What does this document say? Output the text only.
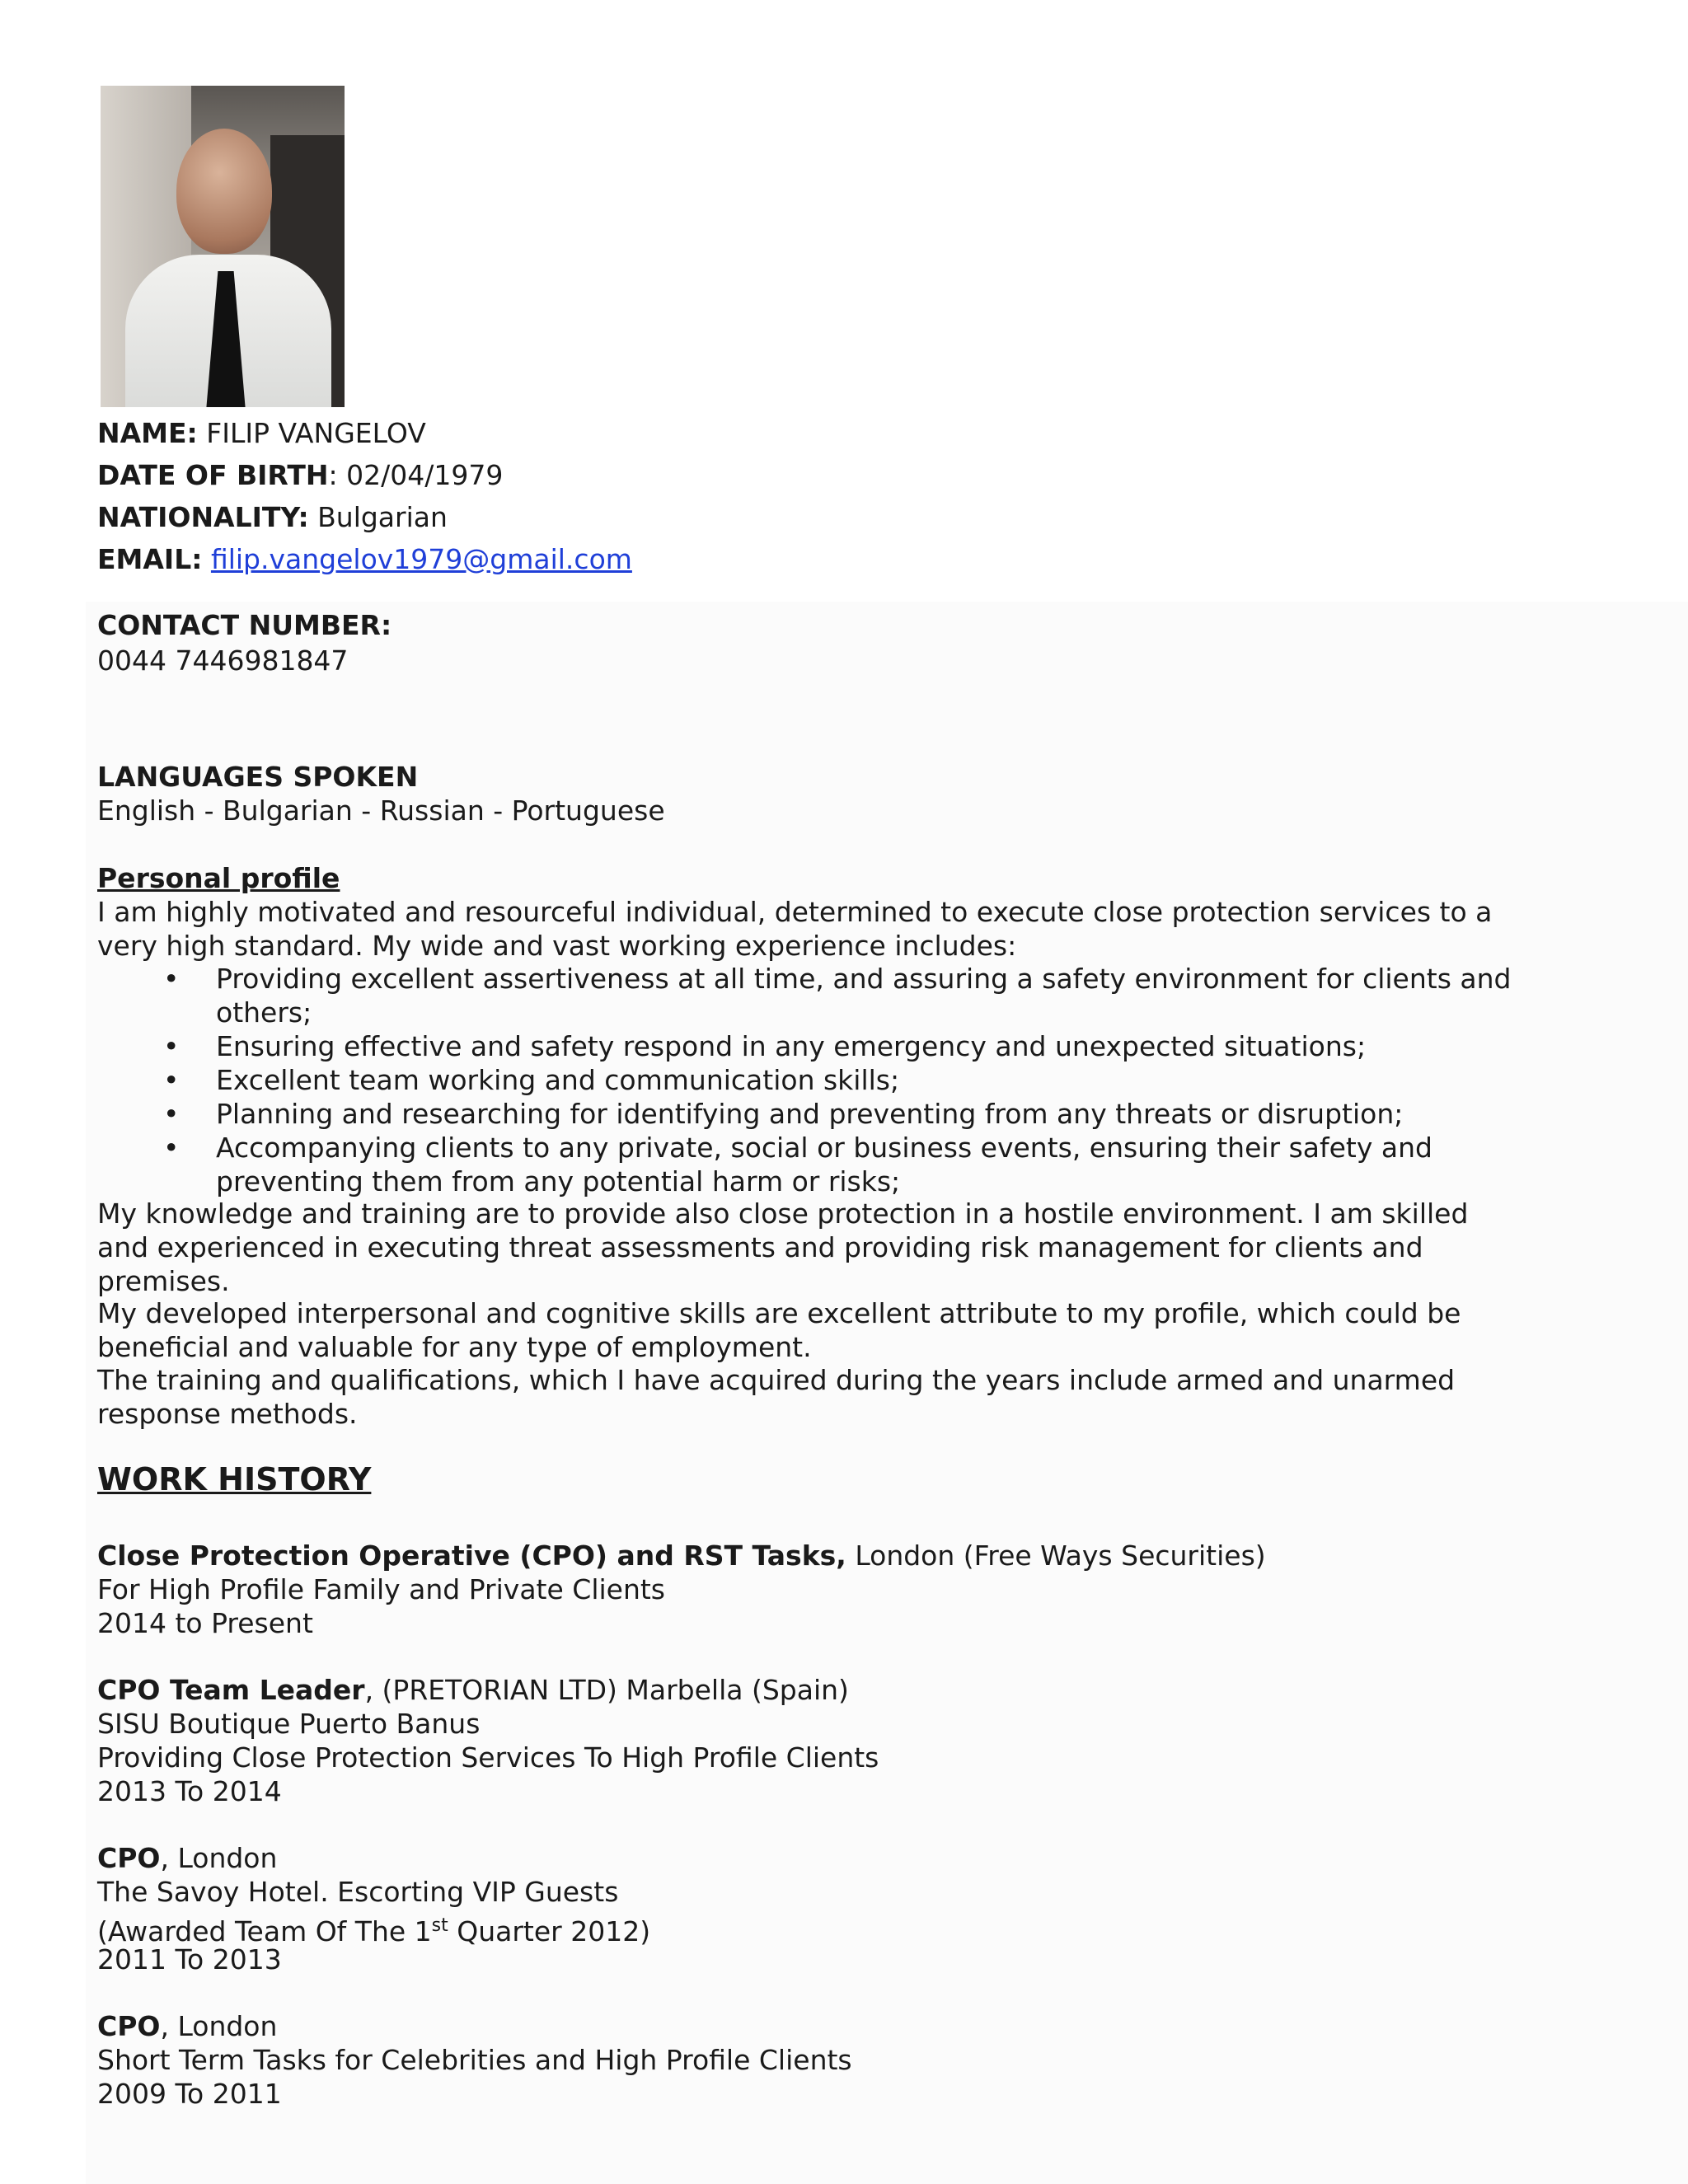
NAME: FILIP VANGELOV
DATE OF BIRTH: 02/04/1979
NATIONALITY: Bulgarian
EMAIL: filip.vangelov1979@gmail.com
CONTACT NUMBER:
0044 7446981847
LANGUAGES SPOKEN
English - Bulgarian - Russian - Portuguese
Personal profile
I am highly motivated and resourceful individual, determined to execute close protection services to a very high standard. My wide and vast working experience includes:
• Providing excellent assertiveness at all time, and assuring a safety environment for clients and others;
• Ensuring effective and safety respond in any emergency and unexpected situations;
• Excellent team working and communication skills;
• Planning and researching for identifying and preventing from any threats or disruption;
• Accompanying clients to any private, social or business events, ensuring their safety and preventing them from any potential harm or risks;
My knowledge and training are to provide also close protection in a hostile environment. I am skilled and experienced in executing threat assessments and providing risk management for clients and premises.
My developed interpersonal and cognitive skills are excellent attribute to my profile, which could be beneficial and valuable for any type of employment.
The training and qualifications, which I have acquired during the years include armed and unarmed response methods.
WORK HISTORY
Close Protection Operative (CPO) and RST Tasks, London (Free Ways Securities)
For High Profile Family and Private Clients
2014 to Present
CPO Team Leader, (PRETORIAN LTD) Marbella (Spain)
SISU Boutique Puerto Banus
Providing Close Protection Services To High Profile Clients
2013 To 2014
CPO, London
The Savoy Hotel. Escorting VIP Guests
(Awarded Team Of The 1st Quarter 2012)
2011 To 2013
CPO, London
Short Term Tasks for Celebrities and High Profile Clients
2009 To 2011
